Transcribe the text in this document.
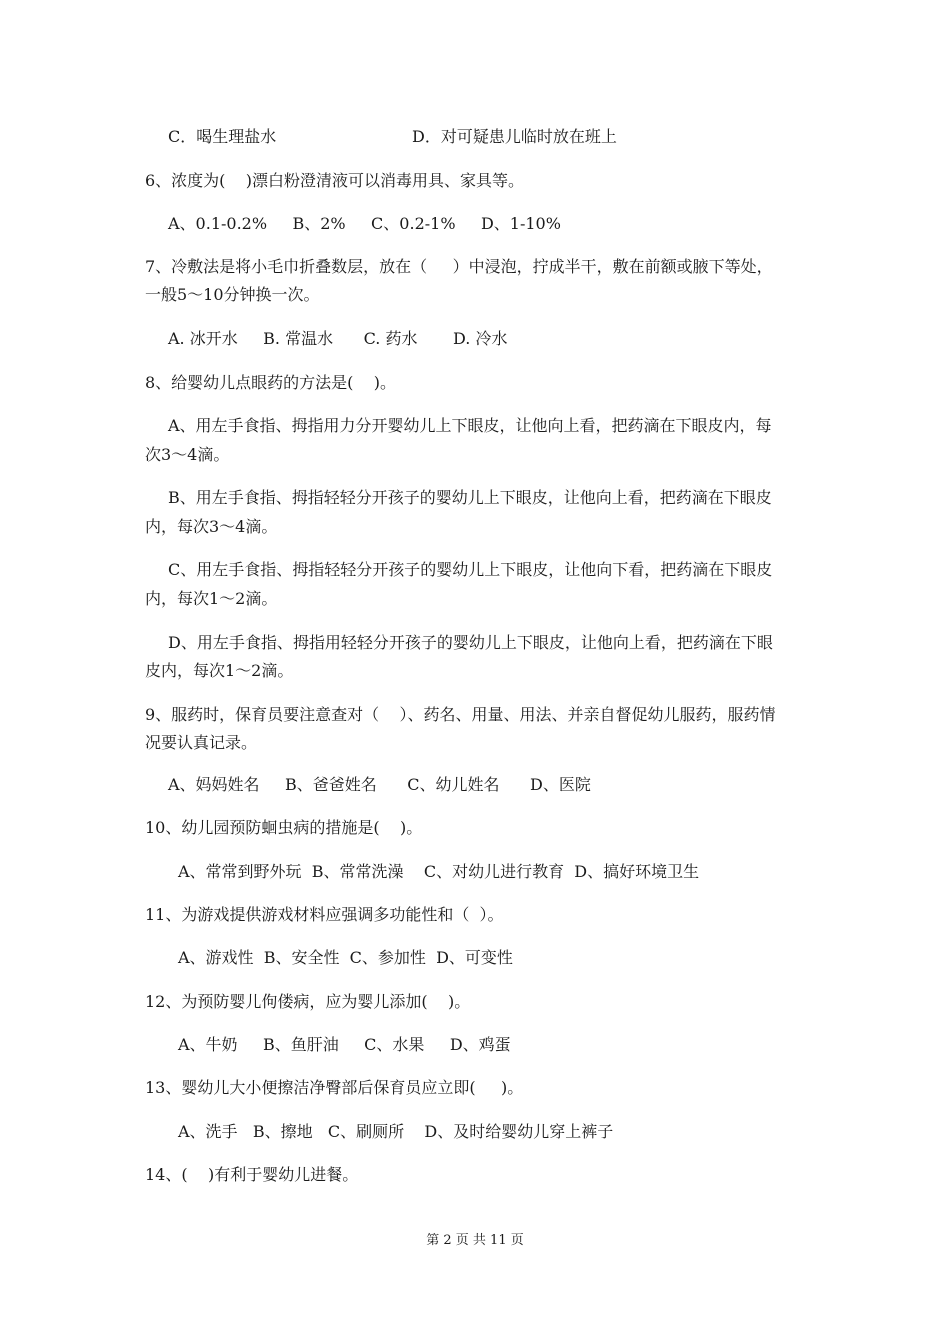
C．喝生理盐水	D．对可疑患儿临时放在班上
6、浓度为(    )漂白粉澄清液可以消毒用具、家具等。
A、0.1-0.2%     B、2%     C、0.2-1%     D、1-10%
7、冷敷法是将小毛巾折叠数层，放在（     ）中浸泡，拧成半干，敷在前额或腋下等处，
一般5～10分钟换一次。
A. 冰开水     B. 常温水      C. 药水       D. 冷水
8、给婴幼儿点眼药的方法是(    )。
A、用左手食指、拇指用力分开婴幼儿上下眼皮，让他向上看，把药滴在下眼皮内，每
次3～4滴。
B、用左手食指、拇指轻轻分开孩子的婴幼儿上下眼皮，让他向上看，把药滴在下眼皮
内，每次3～4滴。
C、用左手食指、拇指轻轻分开孩子的婴幼儿上下眼皮，让他向下看，把药滴在下眼皮
内，每次1～2滴。
D、用左手食指、拇指用轻轻分开孩子的婴幼儿上下眼皮，让他向上看，把药滴在下眼
皮内，每次1～2滴。
9、服药时，保育员要注意查对（    ）、药名、用量、用法、并亲自督促幼儿服药，服药情
况要认真记录。
A、妈妈姓名     B、爸爸姓名      C、幼儿姓名      D、医院
10、幼儿园预防蛔虫病的措施是(    )。
A、常常到野外玩  B、常常洗澡    C、对幼儿进行教育  D、搞好环境卫生
11、为游戏提供游戏材料应强调多功能性和（  ）。
A、游戏性  B、安全性  C、参加性  D、可变性
12、为预防婴儿佝偻病，应为婴儿添加(    )。
A、牛奶     B、鱼肝油     C、水果     D、鸡蛋
13、婴幼儿大小便擦洁净臀部后保育员应立即(     )。
A、洗手   B、擦地   C、刷厕所    D、及时给婴幼儿穿上裤子
14、(    )有利于婴幼儿进餐。
第 2 页 共 11 页
